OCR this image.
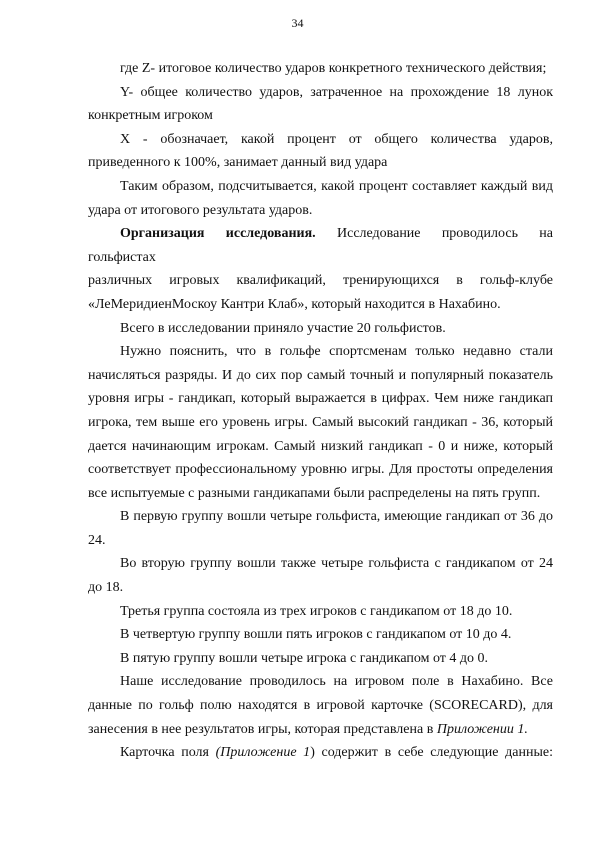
34

где Z- итоговое количество ударов конкретного технического действия;

Y- общее количество ударов, затраченное на прохождение 18 лунок

конкретным игроком

X - обозначает, какой процент от общего количества ударов,

приведенного к 100%, занимает данный вид удара

Таким образом, подсчитывается, какой процент составляет каждый вид

удара от итогового результата ударов.

Организация исследования. Исследование проводилось на гольфистах

различных игровых квалификаций, тренирующихся в гольф-клубе

«ЛеМеридиенМоскоу Кантри Клаб», который находится в Нахабино.

Всего в исследовании приняло участие 20 гольфистов.

Нужно пояснить, что в гольфе спортсменам только недавно стали начисляться разряды. И до сих пор самый точный и популярный показатель уровня игры - гандикап, который выражается в цифрах. Чем ниже гандикап игрока, тем выше его уровень игры. Самый высокий гандикап - 36, который дается начинающим игрокам. Самый низкий гандикап - 0 и ниже, который соответствует профессиональному уровню игры. Для простоты определения все испытуемые с разными гандикапами были распределены на пять групп.

В первую группу вошли четыре гольфиста, имеющие гандикап от 36 до 24.

Во вторую группу вошли также четыре гольфиста с гандикапом от 24 до 18.

Третья группа состояла из трех игроков с гандикапом от 18 до 10.

В четвертую группу вошли пять игроков с гандикапом от 10 до 4.

В пятую группу вошли четыре игрока с гандикапом от 4 до 0.

Наше исследование проводилось на игровом поле в Нахабино. Все данные по гольф полю находятся в игровой карточке (SCORECARD), для занесения в нее результатов игры, которая представлена в Приложении 1.

Карточка поля (Приложение 1) содержит в себе следующие данные:
